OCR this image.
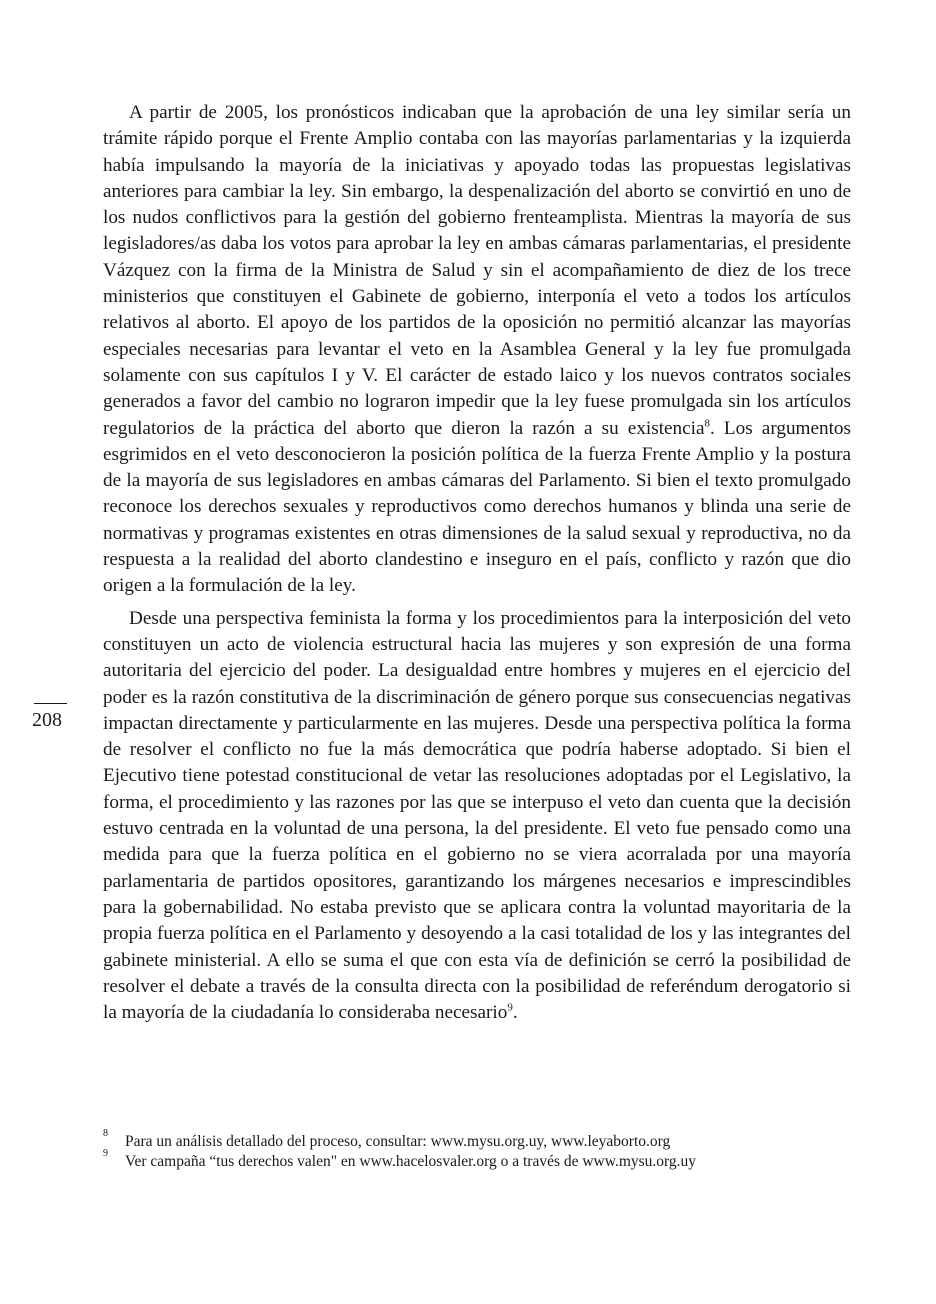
A partir de 2005, los pronósticos indicaban que la aprobación de una ley similar sería un trámite rápido porque el Frente Amplio contaba con las mayorías parlamentarias y la izquierda había impulsando la mayoría de la iniciativas y apoyado todas las propuestas legislativas anteriores para cambiar la ley. Sin embargo, la despenalización del aborto se convirtió en uno de los nudos conflictivos para la gestión del gobierno frenteamplista. Mientras la mayoría de sus legisladores/as daba los votos para aprobar la ley en ambas cámaras parlamentarias, el presidente Vázquez con la firma de la Ministra de Salud y sin el acompañamiento de diez de los trece ministerios que constituyen el Gabinete de gobierno, interponía el veto a todos los artículos relativos al aborto. El apoyo de los partidos de la oposición no permitió alcanzar las mayorías especiales necesarias para levantar el veto en la Asamblea General y la ley fue promulgada solamente con sus capítulos I y V. El carácter de estado laico y los nuevos contratos sociales generados a favor del cambio no lograron impedir que la ley fuese promulgada sin los artículos regulatorios de la práctica del aborto que dieron la razón a su existencia$^8$. Los argumentos esgrimidos en el veto desconocieron la posición política de la fuerza Frente Amplio y la postura de la mayoría de sus legisladores en ambas cámaras del Parlamento. Si bien el texto promulgado reconoce los derechos sexuales y reproductivos como derechos humanos y blinda una serie de normativas y programas existentes en otras dimensiones de la salud sexual y reproductiva, no da respuesta a la realidad del aborto clandestino e inseguro en el país, conflicto y razón que dio origen a la formulación de la ley.

Desde una perspectiva feminista la forma y los procedimientos para la interposición del veto constituyen un acto de violencia estructural hacia las mujeres y son expresión de una forma autoritaria del ejercicio del poder. La desigualdad entre hombres y mujeres en el ejercicio del poder es la razón constitutiva de la discriminación de género porque sus consecuencias negativas impactan directamente y particularmente en las mujeres. Desde una perspectiva política la forma de resolver el conflicto no fue la más democrática que podría haberse adoptado. Si bien el Ejecutivo tiene potestad constitucional de vetar las resoluciones adoptadas por el Legislativo, la forma, el procedimiento y las razones por las que se interpuso el veto dan cuenta que la decisión estuvo centrada en la voluntad de una persona, la del presidente. El veto fue pensado como una medida para que la fuerza política en el gobierno no se viera acorralada por una mayoría parlamentaria de partidos opositores, garantizando los márgenes necesarios e imprescindibles para la gobernabilidad. No estaba previsto que se aplicara contra la voluntad mayoritaria de la propia fuerza política en el Parlamento y desoyendo a la casi totalidad de los y las integrantes del gabinete ministerial. A ello se suma el que con esta vía de definición se cerró la posibilidad de resolver el debate a través de la consulta directa con la posibilidad de referéndum derogatorio si la mayoría de la ciudadanía lo consideraba necesario$^9$.

208

8 Para un análisis detallado del proceso, consultar: www.mysu.org.uy, www.leyaborto.org

9 Ver campaña “tus derechos valen" en www.hacelosvaler.org o a través de www.mysu.org.uy
